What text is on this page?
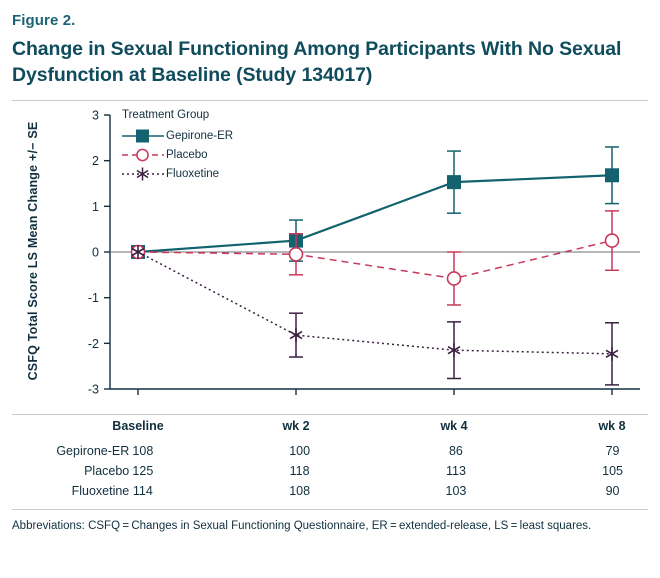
Figure 2.
Change in Sexual Functioning Among Participants With No Sexual Dysfunction at Baseline (Study 134017)
CSFQ Total Score LS Mean Change +/− SE
-3
-2
-1
0
1
2
3 Treatment Group
Gepirone-ER
Placebo
Fluoxetine
Baseline	wk 2	wk 4	wk 8
Gepirone-ER	108	100	86	79
Placebo	125	118	113	105
Fluoxetine	114	108	103	90
Abbreviations: CSFQ = Changes in Sexual Functioning Questionnaire, ER = extended-release, LS = least squares.
